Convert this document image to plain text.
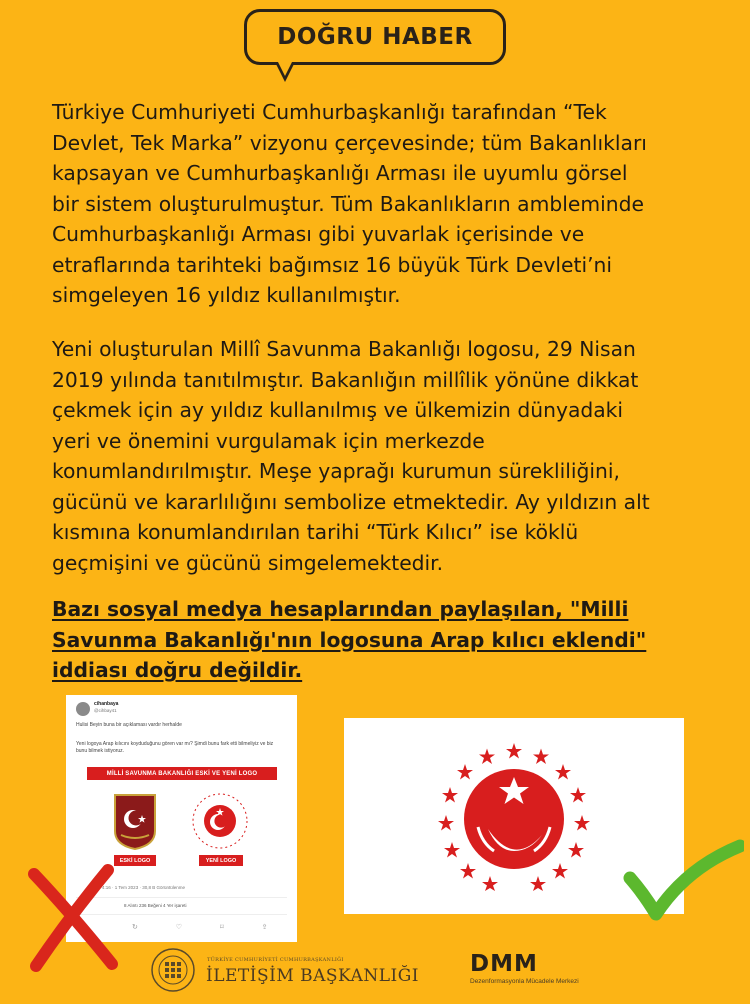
DOĞRU HABER

Türkiye Cumhuriyeti Cumhurbaşkanlığı tarafından “Tek
Devlet, Tek Marka” vizyonu çerçevesinde; tüm Bakanlıkları
kapsayan ve Cumhurbaşkanlığı Arması ile uyumlu görsel
bir sistem oluşturulmuştur. Tüm Bakanlıkların ambleminde
Cumhurbaşkanlığı Arması gibi yuvarlak içerisinde ve
etraflarında tarihteki bağımsız 16 büyük Türk Devleti’ni
simgeleyen 16 yıldız kullanılmıştır.

Yeni oluşturulan Millî Savunma Bakanlığı logosu, 29 Nisan
2019 yılında tanıtılmıştır. Bakanlığın millîlik yönüne dikkat
çekmek için ay yıldız kullanılmış ve ülkemizin dünyadaki
yeri ve önemini vurgulamak için merkezde
konumlandırılmıştır. Meşe yaprağı kurumun sürekliliğini,
gücünü ve kararlılığını sembolize etmektedir. Ay yıldızın alt
kısmına konumlandırılan tarihi “Türk Kılıcı” ise köklü
geçmişini ve gücünü simgelemektedir.

Bazı sosyal medya hesaplarından paylaşılan, "Milli
Savunma Bakanlığı'nın logosuna Arap kılıcı eklendi"
iddiası doğru değildir.

cihanbaya
@cihbay41
Hulisi Beyin buna bir açıklaması vardır herhalde
Yeni logoya Arap kılıcını koyduduğunu gören var mı? Şimdi bunu fark etti bilmeliyiz ve biz bunu bilmek istiyoruz.
MİLLİ SAVUNMA BAKANLIĞI ESKİ VE YENİ LOGO
ESKİ LOGO	YENİ LOGO
4:16 · 1 Tem 2023 · 30,8 B Görüntülenme
8 Alıntı 236 Beğeni 4 Yer işareti
↻ ♡ ⌑ ⇪
TÜRKİYE CUMHURİYETİ CUMHURBAŞKANLIĞI
İLETİŞİM BAŞKANLIĞI DMM
Dezenformasyonla Mücadele Merkezi
